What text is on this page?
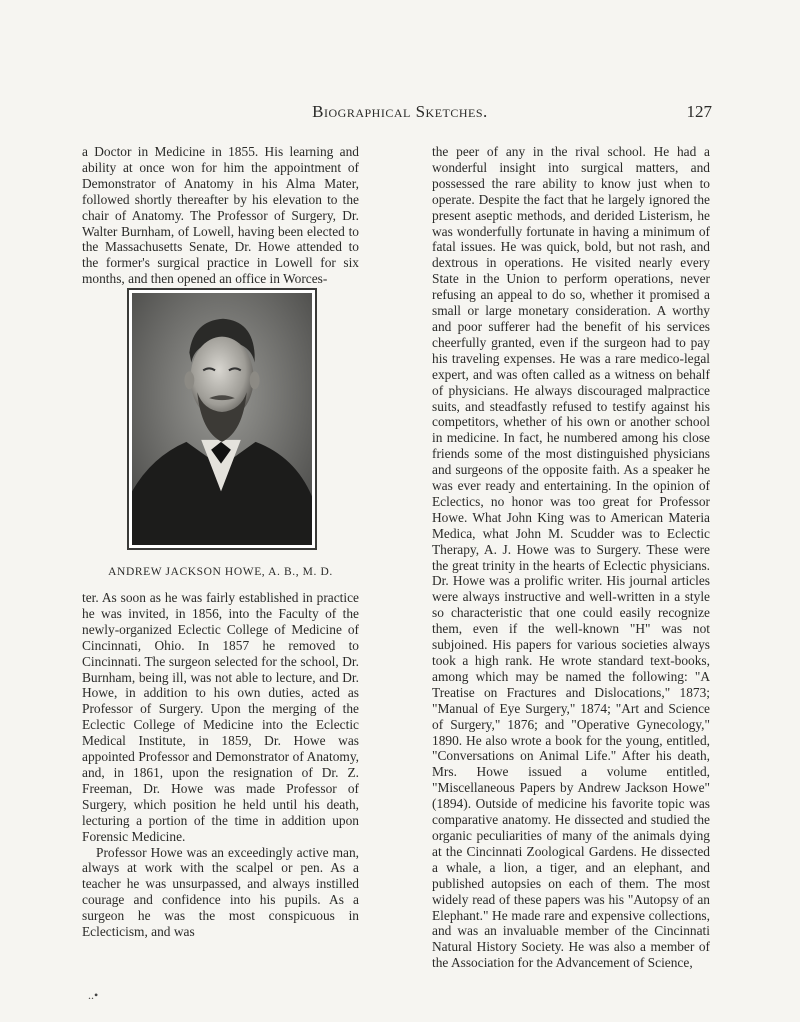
Biographical Sketches.	127

a Doctor in Medicine in 1855. His learning and ability at once won for him the appointment of Demonstrator of Anatomy in his Alma Mater, followed shortly thereafter by his elevation to the chair of Anatomy. The Professor of Surgery, Dr. Walter Burnham, of Lowell, having been elected to the Massachusetts Senate, Dr. Howe attended to the former's surgical practice in Lowell for six months, and then opened an office in Worces-

ANDREW JACKSON HOWE, A. B., M. D.

ter. As soon as he was fairly established in practice he was invited, in 1856, into the Faculty of the newly-organized Eclectic College of Medicine of Cincinnati, Ohio. In 1857 he removed to Cincinnati. The surgeon selected for the school, Dr. Burnham, being ill, was not able to lecture, and Dr. Howe, in addition to his own duties, acted as Professor of Surgery. Upon the merging of the Eclectic College of Medicine into the Eclectic Medical Institute, in 1859, Dr. Howe was appointed Professor and Demonstrator of Anatomy, and, in 1861, upon the resignation of Dr. Z. Freeman, Dr. Howe was made Professor of Surgery, which position he held until his death, lecturing a portion of the time in addition upon Forensic Medicine.

Professor Howe was an exceedingly active man, always at work with the scalpel or pen. As a teacher he was unsurpassed, and always instilled courage and confidence into his pupils. As a surgeon he was the most conspicuous in Eclecticism, and was

the peer of any in the rival school. He had a wonderful insight into surgical matters, and possessed the rare ability to know just when to operate. Despite the fact that he largely ignored the present aseptic methods, and derided Listerism, he was wonderfully fortunate in having a minimum of fatal issues. He was quick, bold, but not rash, and dextrous in operations. He visited nearly every State in the Union to perform operations, never refusing an appeal to do so, whether it promised a small or large monetary consideration. A worthy and poor sufferer had the benefit of his services cheerfully granted, even if the surgeon had to pay his traveling expenses. He was a rare medico-legal expert, and was often called as a witness on behalf of physicians. He always discouraged malpractice suits, and steadfastly refused to testify against his competitors, whether of his own or another school in medicine. In fact, he numbered among his close friends some of the most distinguished physicians and surgeons of the opposite faith. As a speaker he was ever ready and entertaining. In the opinion of Eclectics, no honor was too great for Professor Howe. What John King was to American Materia Medica, what John M. Scudder was to Eclectic Therapy, A. J. Howe was to Surgery. These were the great trinity in the hearts of Eclectic physicians. Dr. Howe was a prolific writer. His journal articles were always instructive and well-written in a style so characteristic that one could easily recognize them, even if the well-known "H" was not subjoined. His papers for various societies always took a high rank. He wrote standard text-books, among which may be named the following: "A Treatise on Fractures and Dislocations," 1873; "Manual of Eye Surgery," 1874; "Art and Science of Surgery," 1876; and "Operative Gynecology," 1890. He also wrote a book for the young, entitled, "Conversations on Animal Life." After his death, Mrs. Howe issued a volume entitled, "Miscellaneous Papers by Andrew Jackson Howe" (1894). Outside of medicine his favorite topic was comparative anatomy. He dissected and studied the organic peculiarities of many of the animals dying at the Cincinnati Zoological Gardens. He dissected a whale, a lion, a tiger, and an elephant, and published autopsies on each of them. The most widely read of these papers was his "Autopsy of an Elephant." He made rare and expensive collections, and was an invaluable member of the Cincinnati Natural History Society. He was also a member of the Association for the Advancement of Science,

..•
